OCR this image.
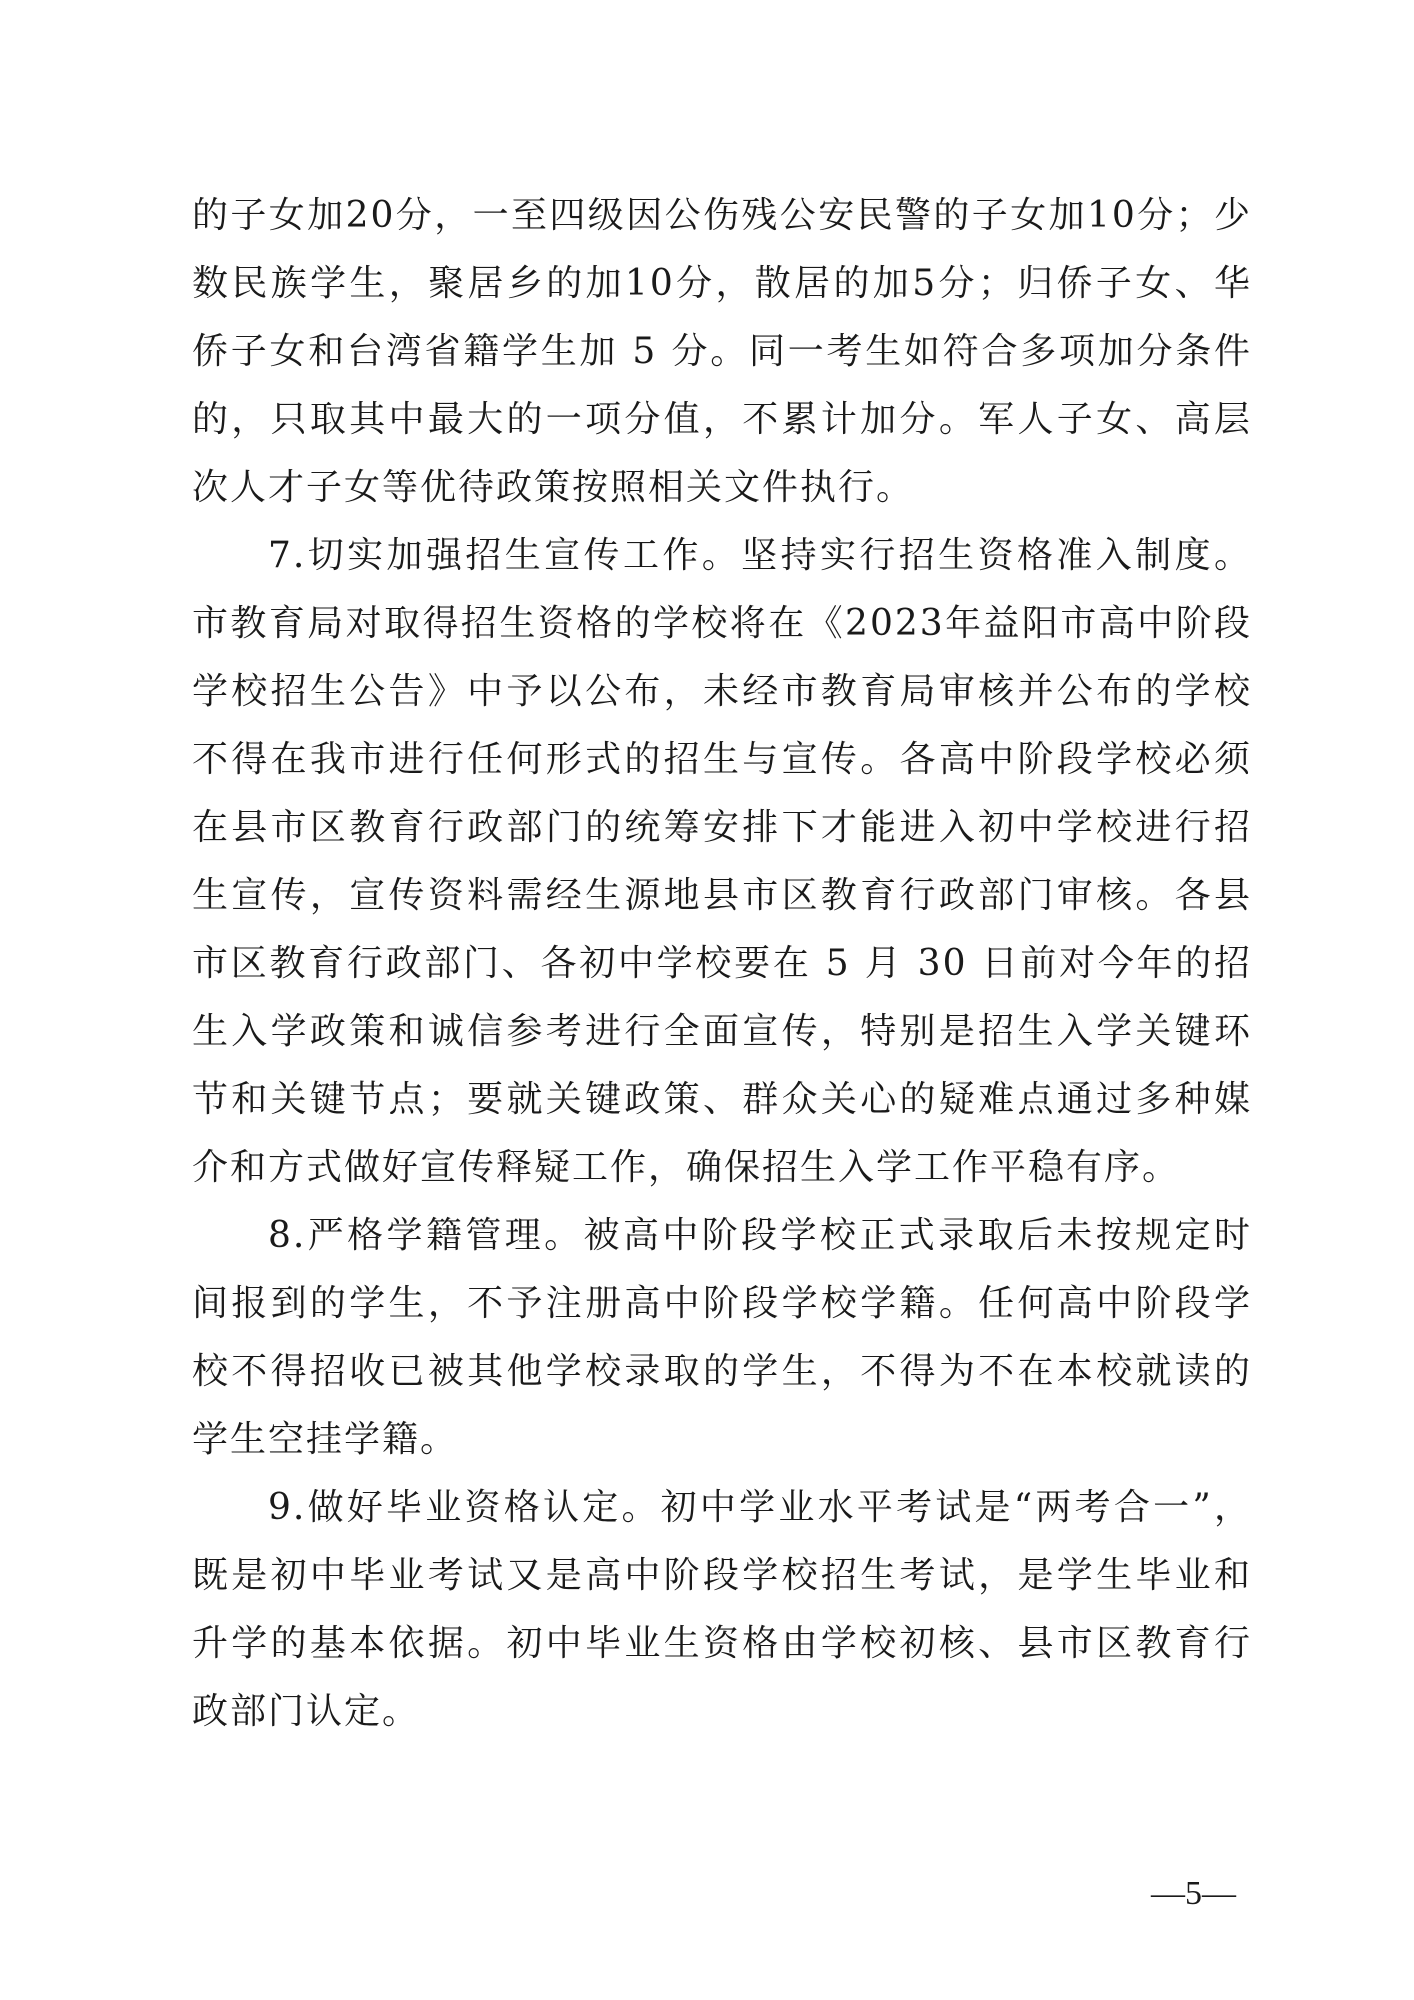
的子女加20分，一至四级因公伤残公安民警的子女加10分；少数民族学生，聚居乡的加10分，散居的加5分；归侨子女、华侨子女和台湾省籍学生加 5 分。同一考生如符合多项加分条件的，只取其中最大的一项分值，不累计加分。军人子女、高层次人才子女等优待政策按照相关文件执行。

7.切实加强招生宣传工作。坚持实行招生资格准入制度。市教育局对取得招生资格的学校将在《2023年益阳市高中阶段学校招生公告》中予以公布，未经市教育局审核并公布的学校不得在我市进行任何形式的招生与宣传。各高中阶段学校必须在县市区教育行政部门的统筹安排下才能进入初中学校进行招生宣传，宣传资料需经生源地县市区教育行政部门审核。各县市区教育行政部门、各初中学校要在 5 月 30 日前对今年的招生入学政策和诚信参考进行全面宣传，特别是招生入学关键环节和关键节点；要就关键政策、群众关心的疑难点通过多种媒介和方式做好宣传释疑工作，确保招生入学工作平稳有序。

8.严格学籍管理。被高中阶段学校正式录取后未按规定时间报到的学生，不予注册高中阶段学校学籍。任何高中阶段学校不得招收已被其他学校录取的学生，不得为不在本校就读的学生空挂学籍。

9.做好毕业资格认定。初中学业水平考试是“两考合一”，既是初中毕业考试又是高中阶段学校招生考试，是学生毕业和升学的基本依据。初中毕业生资格由学校初核、县市区教育行政部门认定。

—5—
